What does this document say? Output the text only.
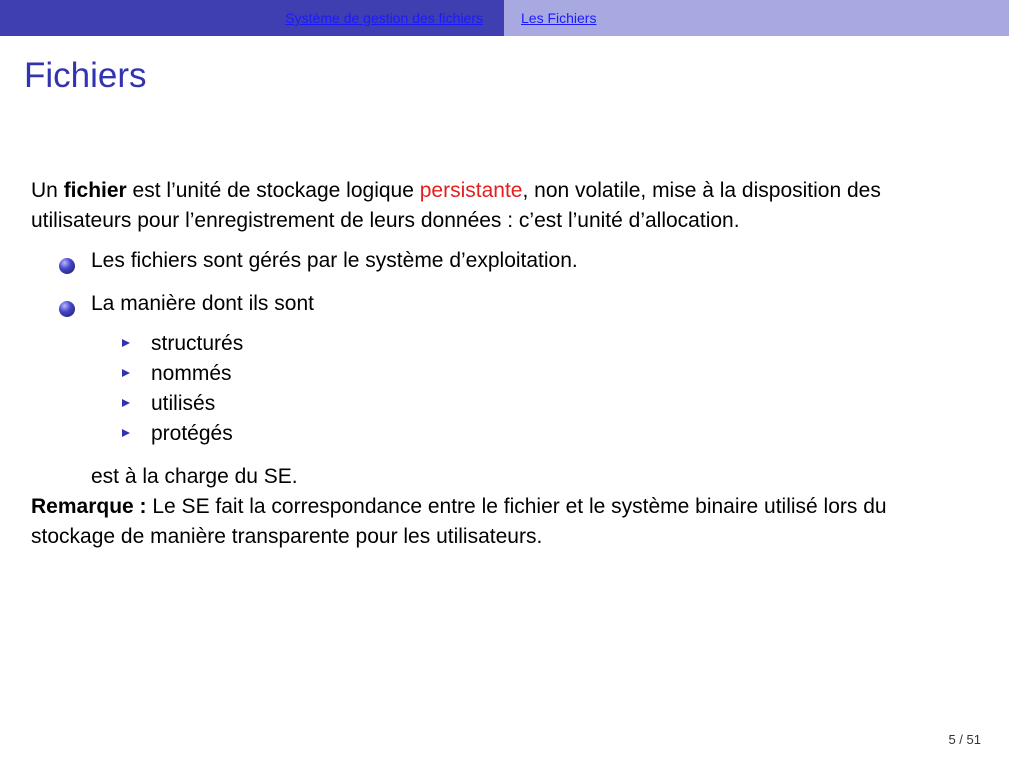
Système de gestion des fichiers	Les Fichiers
Fichiers

Un fichier est l’unité de stockage logique persistante, non volatile, mise à la disposition des utilisateurs pour l’enregistrement de leurs données : c’est l’unité d’allocation.

Les fichiers sont gérés par le système d’exploitation.
La manière dont ils sont
structurés
nommés
utilisés
protégés

est à la charge du SE.

Remarque : Le SE fait la correspondance entre le fichier et le système binaire utilisé lors du stockage de manière transparente pour les utilisateurs.

5 / 51
